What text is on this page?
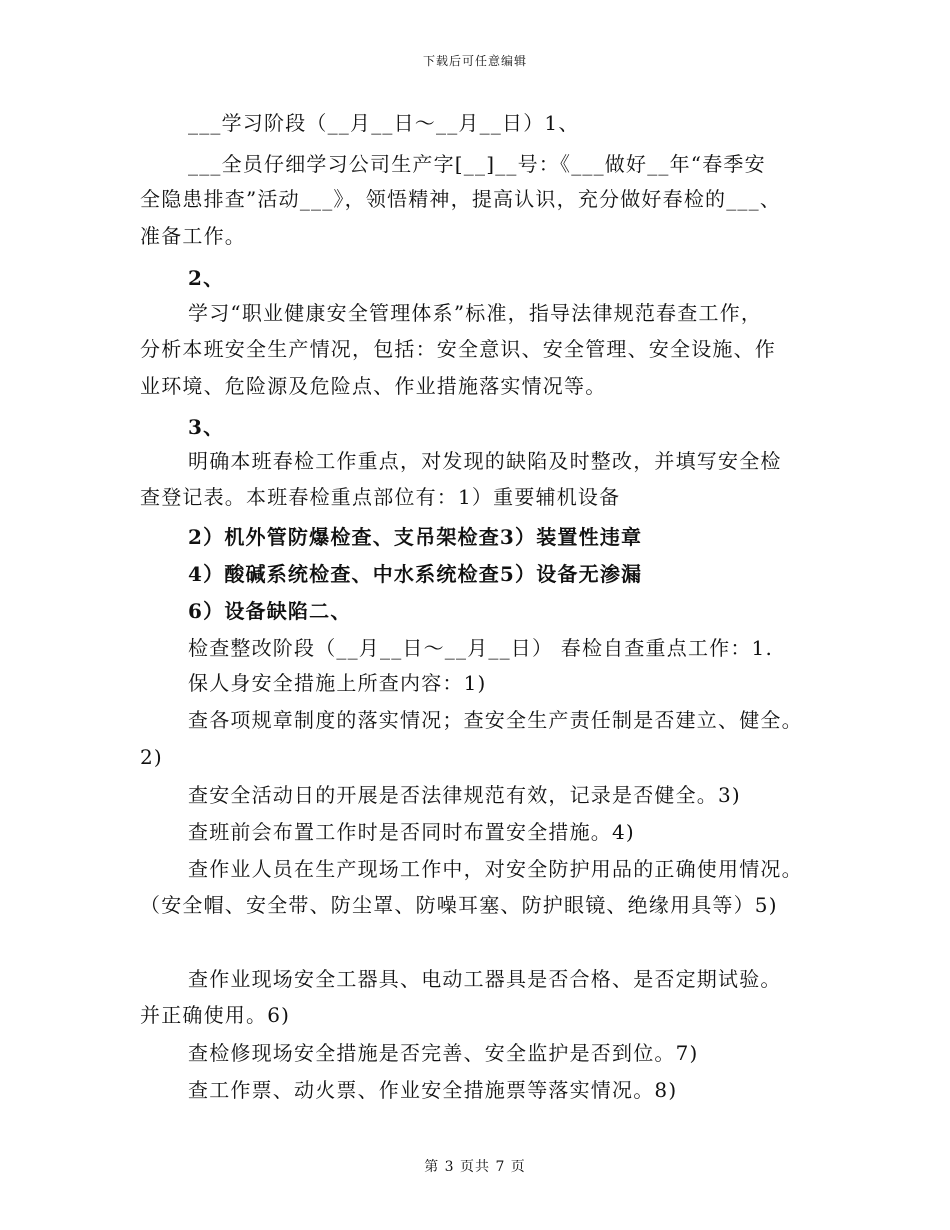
下载后可任意编辑
___学习阶段（__月__日～__月__日）1、
___全员仔细学习公司生产字[__]__号：《___做好__年“春季安
全隐患排查”活动___》，领悟精神，提高认识，充分做好春检的___、
准备工作。
2、
学习“职业健康安全管理体系”标准，指导法律规范春查工作，
分析本班安全生产情况，包括：安全意识、安全管理、安全设施、作
业环境、危险源及危险点、作业措施落实情况等。
3、
明确本班春检工作重点，对发现的缺陷及时整改，并填写安全检
查登记表。本班春检重点部位有：1）重要辅机设备
2）机外管防爆检查、支吊架检查3）装置性违章
4）酸碱系统检查、中水系统检查5）设备无渗漏
6）设备缺陷二、
检查整改阶段（__月__日～__月__日） 春检自查重点工作：1.
保人身安全措施上所查内容：1)
查各项规章制度的落实情况；查安全生产责任制是否建立、健全。
2)
查安全活动日的开展是否法律规范有效，记录是否健全。3)
查班前会布置工作时是否同时布置安全措施。4)
查作业人员在生产现场工作中，对安全防护用品的正确使用情况。
（安全帽、安全带、防尘罩、防噪耳塞、防护眼镜、绝缘用具等）5)
查作业现场安全工器具、电动工器具是否合格、是否定期试验。
并正确使用。6)
查检修现场安全措施是否完善、安全监护是否到位。7)
查工作票、动火票、作业安全措施票等落实情况。8)
第 3 页共 7 页
